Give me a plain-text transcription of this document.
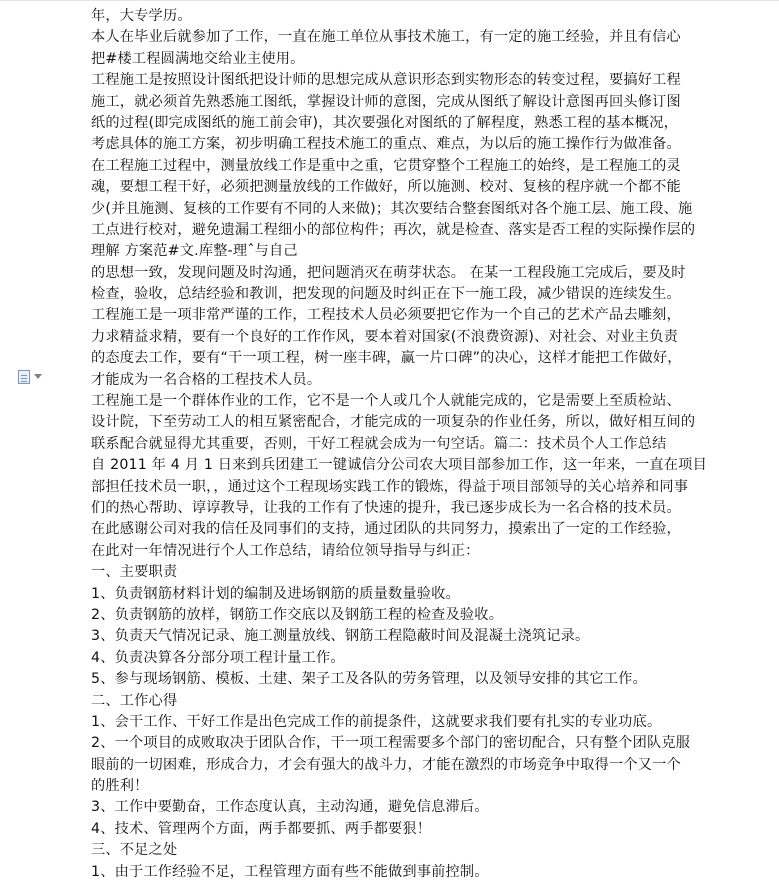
年，大专学历。
本人在毕业后就参加了工作，一直在施工单位从事技术施工，有一定的施工经验，并且有信心
把#楼工程圆满地交给业主使用。
工程施工是按照设计图纸把设计师的思想完成从意识形态到实物形态的转变过程，要搞好工程
施工，就必须首先熟悉施工图纸，掌握设计师的意图，完成从图纸了解设计意图再回头修订图
纸的过程(即完成图纸的施工前会审)，其次要强化对图纸的了解程度，熟悉工程的基本概况，
考虑具体的施工方案，初步明确工程技术施工的重点、难点，为以后的施工操作行为做准备。
在工程施工过程中，测量放线工作是重中之重，它贯穿整个工程施工的始终，是工程施工的灵
魂，要想工程干好，必须把测量放线的工作做好，所以施测、校对、复核的程序就一个都不能
少(并且施测、复核的工作要有不同的人来做)；其次要结合整套图纸对各个施工层、施工段、施
工点进行校对，避免遗漏工程细小的部位构件；再次，就是检查、落实是否工程的实际操作层的
理解 方案范#文.库整-理ˆ与自己
的思想一致，发现问题及时沟通，把问题消灭在萌芽状态。 在某一工程段施工完成后，要及时
检查，验收，总结经验和教训，把发现的问题及时纠正在下一施工段，减少错误的连续发生。
工程施工是一项非常严谨的工作，工程技术人员必须要把它作为一个自己的艺术产品去雕刻，
力求精益求精，要有一个良好的工作作风，要本着对国家(不浪费资源)、对社会、对业主负责
的态度去工作，要有“干一项工程，树一座丰碑，赢一片口碑”的决心，这样才能把工作做好，
才能成为一名合格的工程技术人员。
工程施工是一个群体作业的工作，它不是一个人或几个人就能完成的，它是需要上至质检站、
设计院，下至劳动工人的相互紧密配合，才能完成的一项复杂的作业任务，所以，做好相互间的
联系配合就显得尤其重要，否则，干好工程就会成为一句空话。篇二：技术员个人工作总结
自 2011 年 4 月 1 日来到兵团建工一键诚信分公司农大项目部参加工作，这一年来，一直在项目
部担任技术员一职，，通过这个工程现场实践工作的锻炼，得益于项目部领导的关心培养和同事
们的热心帮助、谆谆教导，让我的工作有了快速的提升，我已逐步成长为一名合格的技术员。
在此感谢公司对我的信任及同事们的支持，通过团队的共同努力，摸索出了一定的工作经验，
在此对一年情况进行个人工作总结，请给位领导指导与纠正：
一、主要职责
1、负责钢筋材料计划的编制及进场钢筋的质量数量验收。
2、负责钢筋的放样，钢筋工作交底以及钢筋工程的检查及验收。
3、负责天气情况记录、施工测量放线、钢筋工程隐蔽时间及混凝土浇筑记录。
4、负责决算各分部分项工程计量工作。
5、参与现场钢筋、模板、土建、架子工及各队的劳务管理，以及领导安排的其它工作。
二、工作心得
1、会干工作、干好工作是出色完成工作的前提条件，这就要求我们要有扎实的专业功底。
2、一个项目的成败取决于团队合作，干一项工程需要多个部门的密切配合，只有整个团队克服
眼前的一切困难，形成合力，才会有强大的战斗力，才能在激烈的市场竞争中取得一个又一个
的胜利！
3、工作中要勤奋，工作态度认真，主动沟通，避免信息滞后。
4、技术、管理两个方面，两手都要抓、两手都要狠！
三、不足之处
1、由于工作经验不足，工程管理方面有些不能做到事前控制。
